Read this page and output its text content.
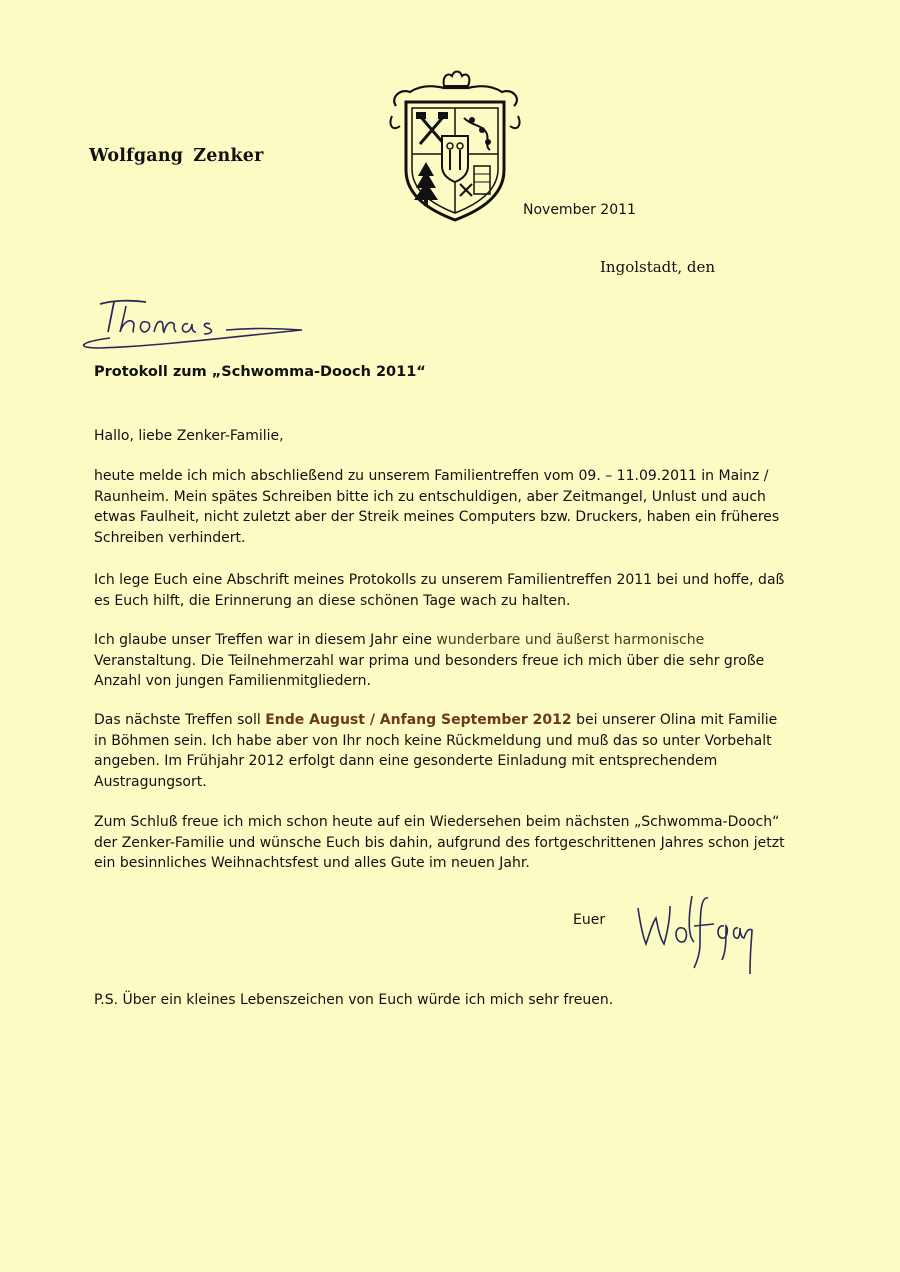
Wolfgang Zenker
November 2011
Ingolstadt, den
Protokoll zum „Schwomma-Dooch 2011“
Hallo, liebe Zenker-Familie,
heute melde ich mich abschließend zu unserem Familientreffen vom 09. – 11.09.2011 in Mainz / Raunheim. Mein spätes Schreiben bitte ich zu entschuldigen, aber Zeitmangel, Unlust und auch etwas Faulheit, nicht zuletzt aber der Streik meines Computers bzw. Druckers, haben ein früheres Schreiben verhindert.
Ich lege Euch eine Abschrift meines Protokolls zu unserem Familientreffen 2011 bei und hoffe, daß es Euch hilft, die Erinnerung an diese schönen Tage wach zu halten.
Ich glaube unser Treffen war in diesem Jahr eine wunderbare und äußerst harmonische Veranstaltung. Die Teilnehmerzahl war prima und besonders freue ich mich über die sehr große Anzahl von jungen Familienmitgliedern.
Das nächste Treffen soll Ende August / Anfang September 2012 bei unserer Olina mit Familie in Böhmen sein. Ich habe aber von Ihr noch keine Rückmeldung und muß das so unter Vorbehalt angeben. Im Frühjahr 2012 erfolgt dann eine gesonderte Einladung mit entsprechendem Austragungsort.
Zum Schluß freue ich mich schon heute auf ein Wiedersehen beim nächsten „Schwomma-Dooch“ der Zenker-Familie und wünsche Euch bis dahin, aufgrund des fortgeschrittenen Jahres schon jetzt ein besinnliches Weihnachtsfest und alles Gute im neuen Jahr.
Euer
P.S. Über ein kleines Lebenszeichen von Euch würde ich mich sehr freuen.
